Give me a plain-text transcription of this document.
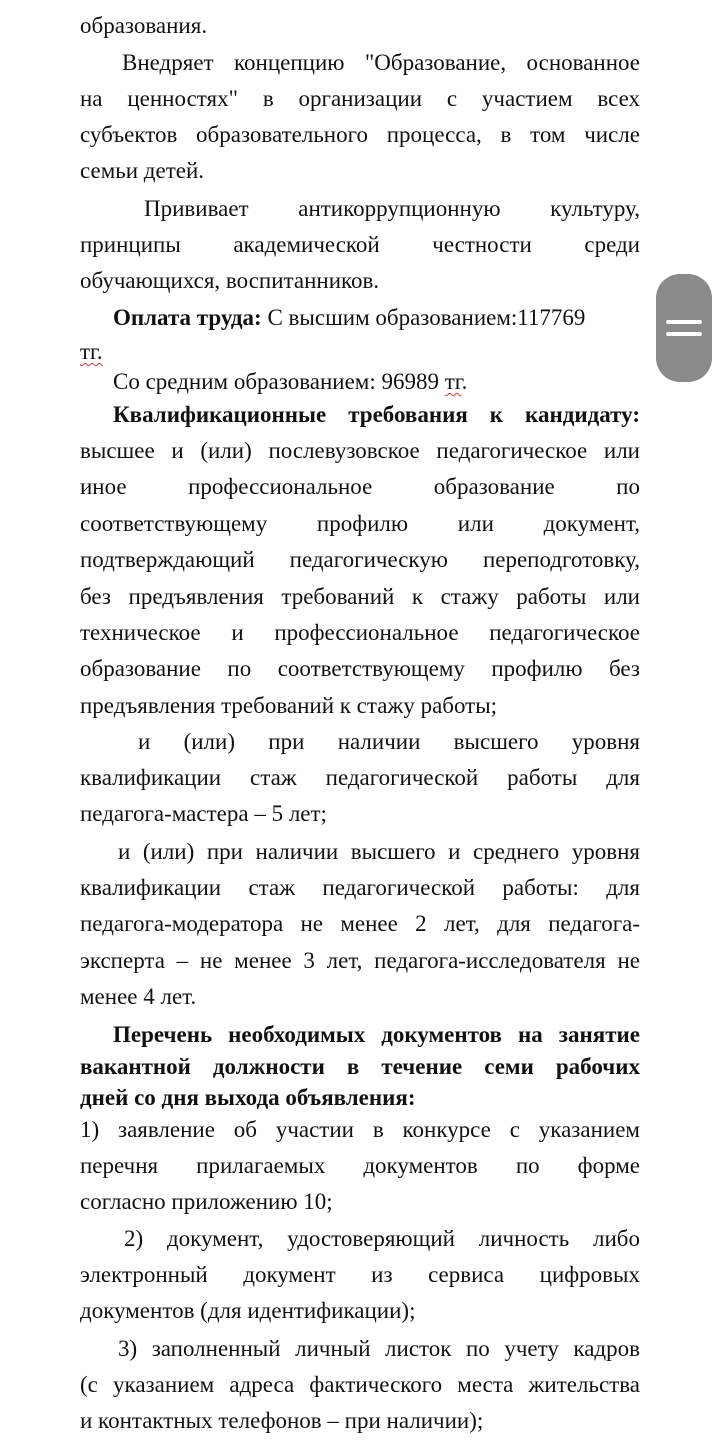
образования.
Внедряет концепцию "Образование, основанное
на ценностях" в организации с участием всех
субъектов образовательного процесса, в том числе
семьи детей.
Прививает антикоррупционную культуру,
принципы академической честности среди
обучающихся, воспитанников.
Оплата труда: С высшим образованием:117769
тг.
Со средним образованием: 96989 тг.
Квалификационные требования к кандидату:
высшее и (или) послевузовское педагогическое или
иное профессиональное образование по
соответствующему профилю или документ,
подтверждающий педагогическую переподготовку,
без предъявления требований к стажу работы или
техническое и профессиональное педагогическое
образование по соответствующему профилю без
предъявления требований к стажу работы;
и (или) при наличии высшего уровня
квалификации стаж педагогической работы для
педагога-мастера – 5 лет;
и (или) при наличии высшего и среднего уровня
квалификации стаж педагогической работы: для
педагога-модератора не менее 2 лет, для педагога-
эксперта – не менее 3 лет, педагога-исследователя не
менее 4 лет.
Перечень необходимых документов на занятие
вакантной должности в течение семи рабочих
дней со дня выхода объявления:
1) заявление об участии в конкурсе с указанием
перечня прилагаемых документов по форме
согласно приложению 10;
2) документ, удостоверяющий личность либо
электронный документ из сервиса цифровых
документов (для идентификации);
3) заполненный личный листок по учету кадров
(с указанием адреса фактического места жительства
и контактных телефонов – при наличии);
